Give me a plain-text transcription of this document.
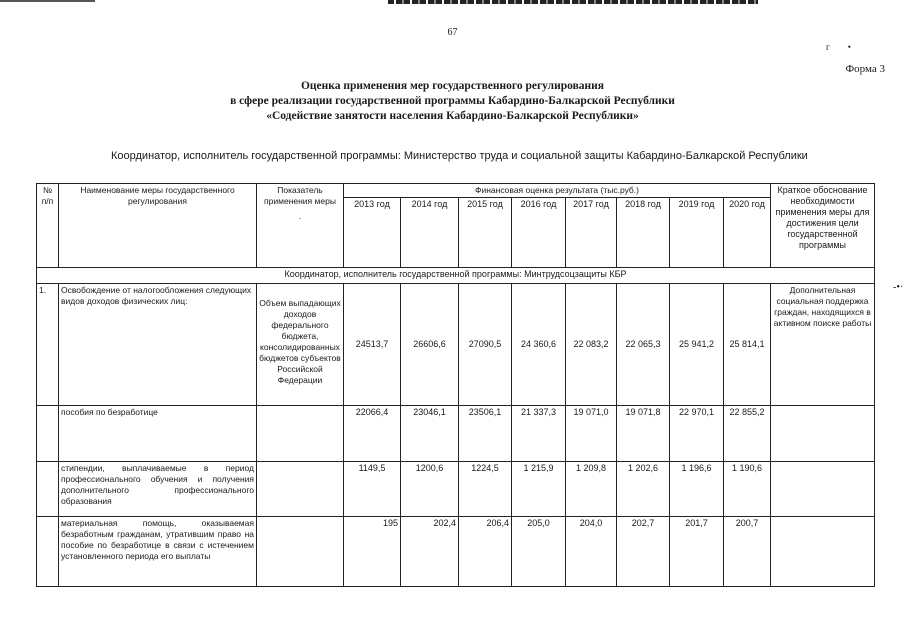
67
г•
Форма 3
Оценка применения мер государственного регулирования
в сфере реализации государственной программы Кабардино-Балкарской Республики
«Содействие занятости населения Кабардино-Балкарской Республики»
Координатор, исполнитель государственной программы: Министерство труда и социальной защиты Кабардино-Балкарской Республики
-•·
№ п/п	Наименование меры государственного регулирования	Показатель применения меры
·	Финансовая оценка результата (тыс.руб.)								Краткое обоснование необходимости применения меры для достижения цели государственной программы
			2013 год	2014 год	2015 год	2016 год	2017 год	2018 год	2019 год	2020 год	
Координатор, исполнитель государственной программы: Минтрудсоцзащиты КБР											
1.	Освобождение от налогообложения следующих видов доходов физических лиц:	Объем выпадающих доходов федерального бюджета, консолидированных бюджетов субъектов Российской Федерации	24513,7	26606,6	27090,5	24 360,6	22 083,2	22 065,3	25 941,2	25 814,1	Дополнительная социальная поддержка граждан, находящихся в активном поиске работы
	пособия по безработице		22066,4	23046,1	23506,1	21 337,3	19 071,0	19 071,8	22 970,1	22 855,2	
	стипендии, выплачиваемые в период профессионального обучения и получения дополнительного профессионального образования		1149,5	1200,6	1224,5	1 215,9	1 209,8	1 202,6	1 196,6	1 190,6	
	материальная помощь, оказываемая безработным гражданам, утратившим право на пособие по безработице в связи с истечением установленного периода его выплаты		195	202,4	206,4	205,0	204,0	202,7	201,7	200,7	
